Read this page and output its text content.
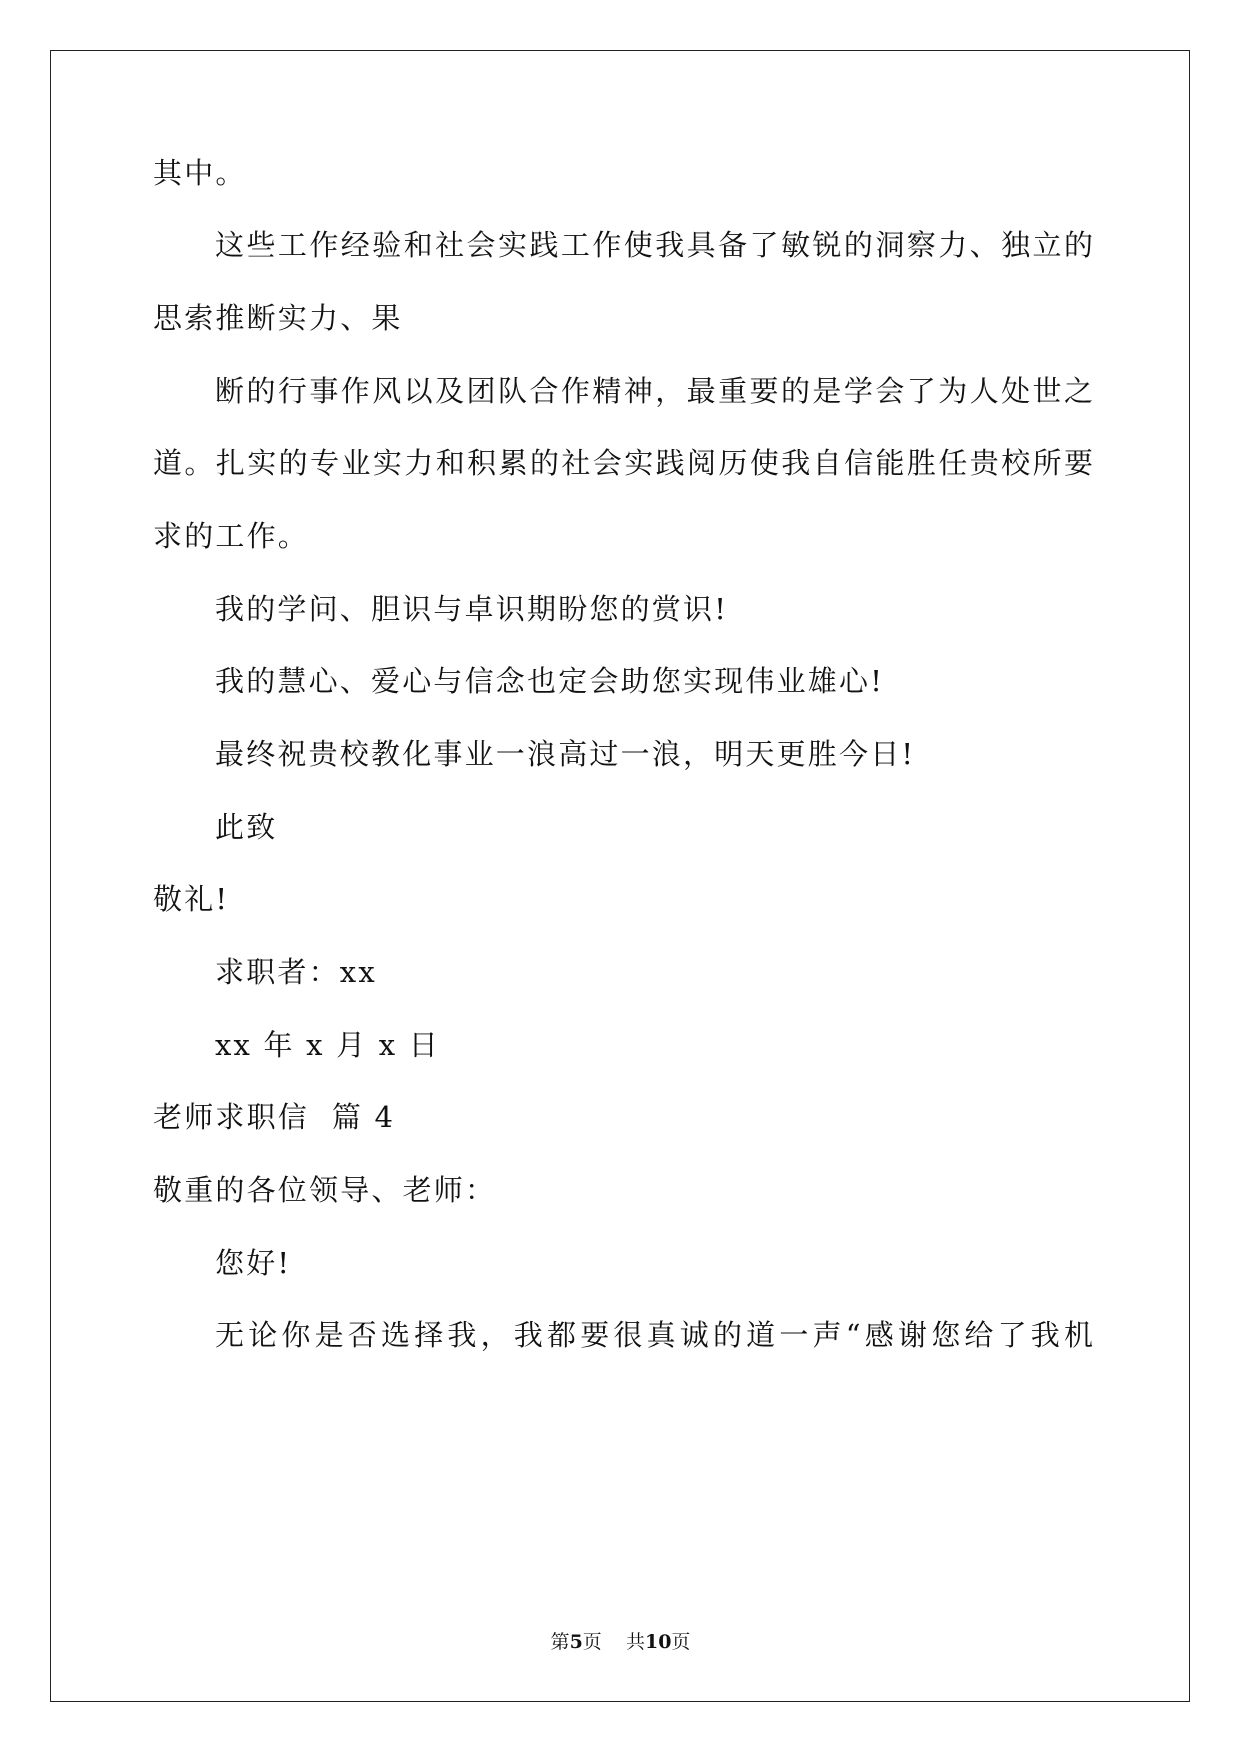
其中。
这些工作经验和社会实践工作使我具备了敏锐的洞察力、独立的
思索推断实力、果
断的行事作风以及团队合作精神，最重要的是学会了为人处世之
道。扎实的专业实力和积累的社会实践阅历使我自信能胜任贵校所要
求的工作。
我的学问、胆识与卓识期盼您的赏识!
我的慧心、爱心与信念也定会助您实现伟业雄心!
最终祝贵校教化事业一浪高过一浪，明天更胜今日!
此致
敬礼!
求职者：xx
xx 年 x 月 x 日
老师求职信  篇 4
敬重的各位领导、老师：
您好!
无论你是否选择我，我都要很真诚的道一声“感谢您给了我机
第5页    共10页
